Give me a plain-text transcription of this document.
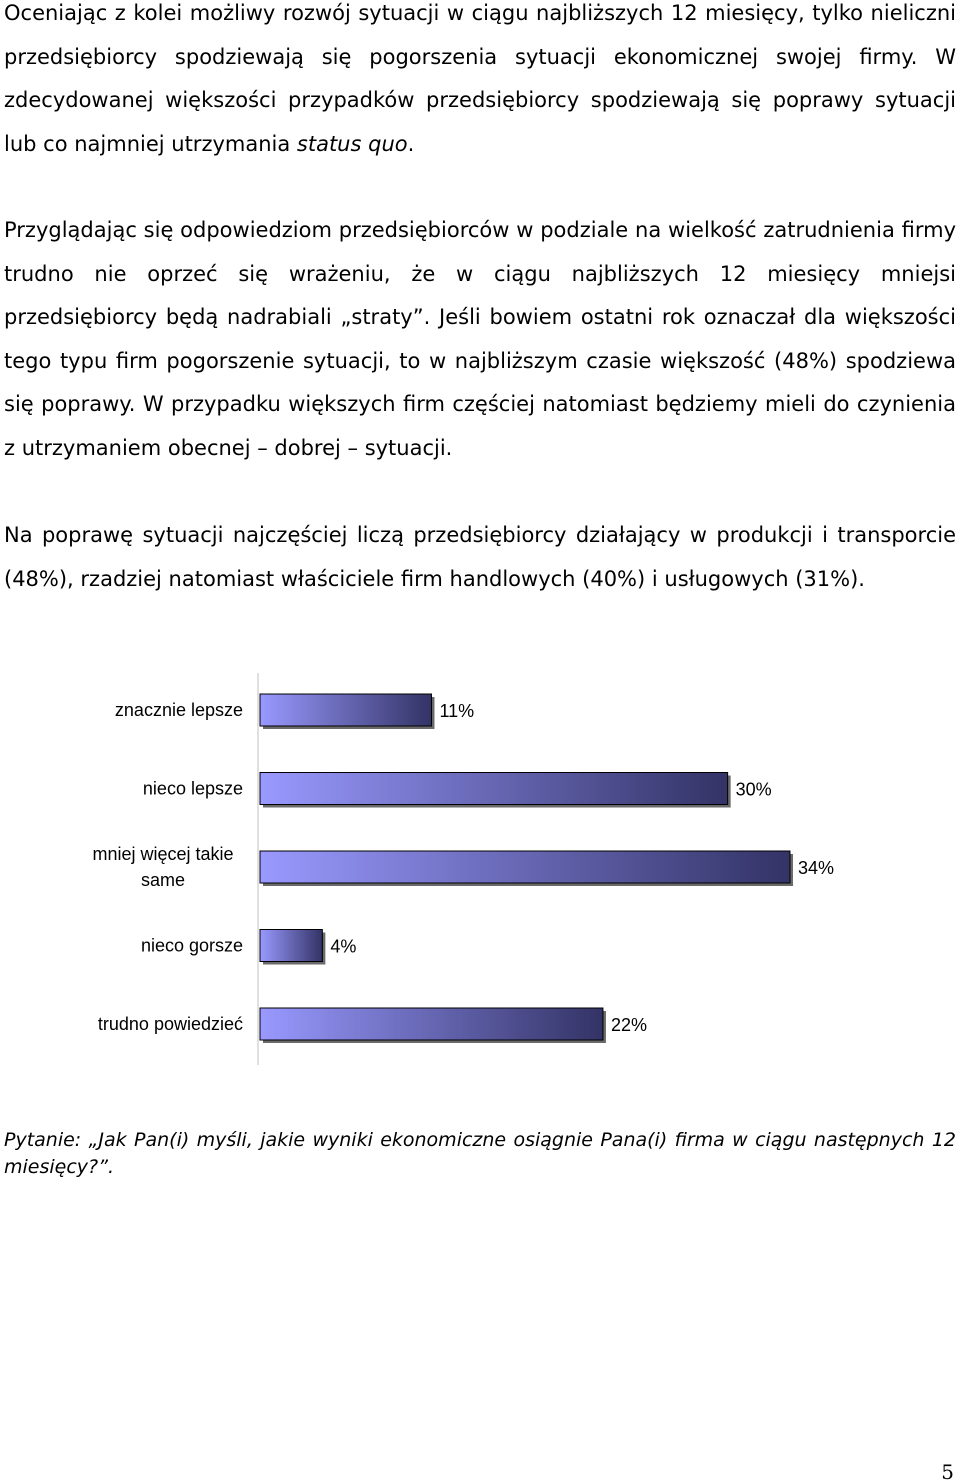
Oceniając z kolei możliwy rozwój sytuacji w ciągu najbliższych 12 miesięcy, tylko nieliczni przedsiębiorcy spodziewają się pogorszenia sytuacji ekonomicznej swojej firmy. W zdecydowanej większości przypadków przedsiębiorcy spodziewają się poprawy sytuacji lub co najmniej utrzymania status quo.

Przyglądając się odpowiedziom przedsiębiorców w podziale na wielkość zatrudnienia firmy trudno nie oprzeć się wrażeniu, że w ciągu najbliższych 12 miesięcy mniejsi przedsiębiorcy będą nadrabiali „straty”. Jeśli bowiem ostatni rok oznaczał dla większości tego typu firm pogorszenie sytuacji, to w najbliższym czasie większość (48%) spodziewa się poprawy. W przypadku większych firm częściej natomiast będziemy mieli do czynienia z utrzymaniem obecnej – dobrej – sytuacji.

Na poprawę sytuacji najczęściej liczą przedsiębiorcy działający w produkcji i transporcie (48%), rzadziej natomiast właściciele firm handlowych (40%) i usługowych (31%).

11%
znacznie lepsze
30%
nieco lepsze
34%
mniej więcej takie
same
4%
nieco gorsze
22%
trudno powiedzieć

Pytanie: „Jak Pan(i) myśli, jakie wyniki ekonomiczne osiągnie Pana(i) firma w ciągu następnych 12 miesięcy?”.

5
